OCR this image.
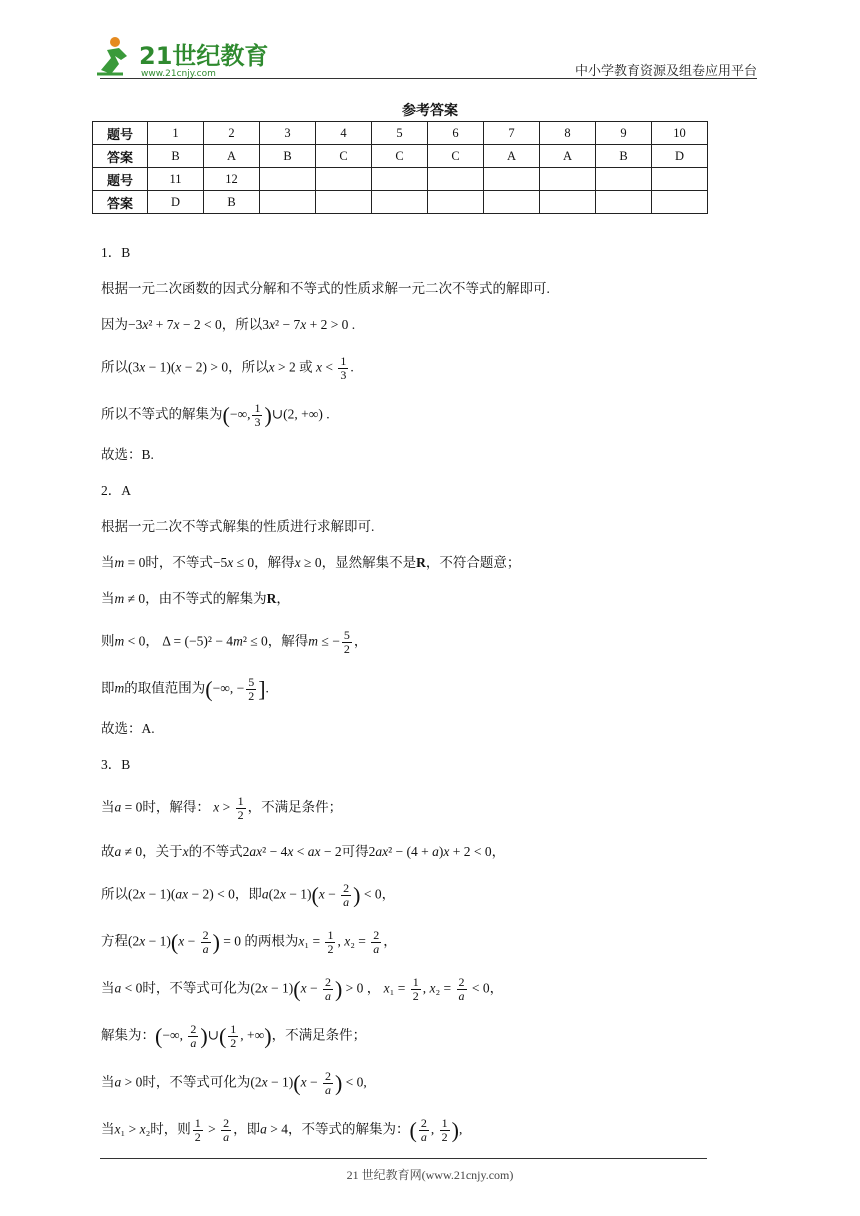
21世纪教育
www.21cnjy.com	中小学教育资源及组卷应用平台
参考答案
题号	1	2	3	4	5	6	7	8	9	10
答案	B	A	B	C	C	C	A	A	B	D
题号	11	12								
答案	D	B								

1．B

根据一元二次函数的因式分解和不等式的性质求解一元二次不等式的解即可.

因为−3x² + 7x − 2 < 0，所以3x² − 7x + 2 > 0 .

所以(3x − 1)(x − 2) > 0，所以x > 2 或 $x < \frac{1}{3}$ .

所以不等式的解集为(−∞, $\frac{1}{3}$ )∪(2, +∞) .

故选：B.

2．A

根据一元二次不等式解集的性质进行求解即可.

当m = 0时，不等式−5x ≤ 0，解得x ≥ 0，显然解集不是R，不符合题意；

当m ≠ 0，由不等式的解集为R，

则m < 0， Δ = (−5)² − 4m² ≤ 0，解得m ≤ − $\frac{5}{2}$ ，

即m的取值范围为(−∞, − $\frac{5}{2}$ ].

故选：A.

3．B

当a = 0时，解得： $x > \frac{1}{2}$ ，不满足条件；

故a ≠ 0，关于x的不等式2ax² − 4x < ax − 2可得2ax² − (4 + a)x + 2 < 0，

所以(2x − 1)(ax − 2) < 0，即$a(2x - 1)(x - \frac{2}{a}$ ) < 0，

方程$(2x - 1)(x - \frac{2}{a}$ ) = 0 的两根为$x_1 = \frac{1}{2}$ , $x_2 = \frac{2}{a}$ ，

当a < 0时，不等式可化为$(2x - 1)(x - \frac{2}{a}$ ) > 0 ， $x_1 = \frac{1}{2}$ , $x_2 = \frac{2}{a} < 0$，

解集为：(−∞, $\frac{2}{a}$ )∪( $\frac{1}{2}$ , +∞)，不满足条件；

当a > 0时，不等式可化为$(2x - 1)(x - \frac{2}{a}$ ) < 0,

当x₁ > x₂时，则 $\frac{1}{2} > \frac{2}{a}$ ，即a > 4，不等式的解集为：( $\frac{2}{a}$ , $\frac{1}{2}$ ),

21 世纪教育网(www.21cnjy.com)
